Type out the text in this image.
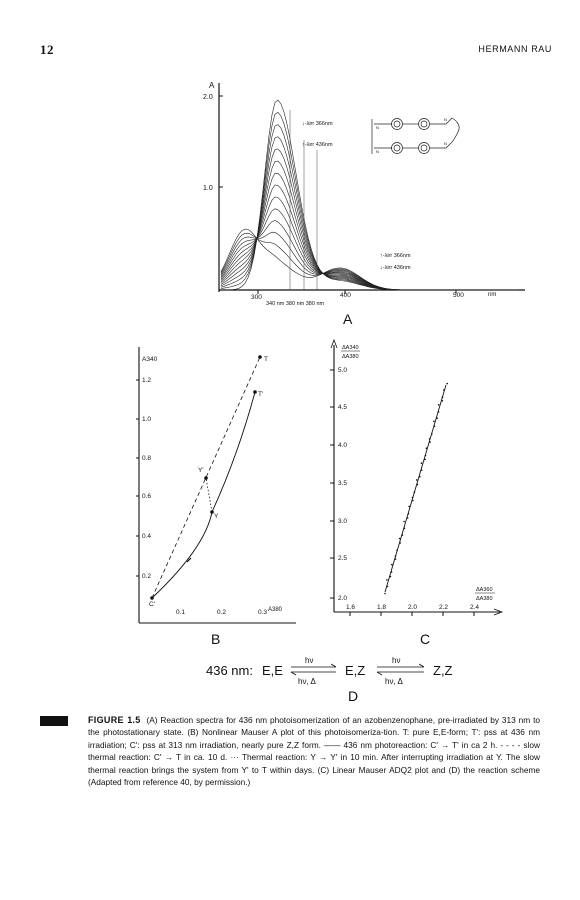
12	HERMANN RAU
A
2.0
1.0
300	400	500	nm
340 nm 380 nm 380 nm
↓-λirr 366nm
↑-λirr 436nm
↑-λirr 366nm
↓-λirr 436nm
N
N
N
N
A
A340
1.2
1.0
0.8
0.6
0.4
0.2
0.1	0.2	0.3 A380
T
T'
Y'
Y
C'
B
ΔA340
ΔA380
5.0
4.5
4.0
3.5
3.0
2.5
2.0
1.6	1.8	2.0	2.2	2.4
ΔA360
ΔA380
C
436 nm: E,E	E,Z	Z,Z
hν
hν, Δ
hν
hν, Δ
D
FIGURE 1.5 (A) Reaction spectra for 436 nm photoisomerization of an azobenzenophane, pre-irradiated by 313 nm to the photostationary state. (B) Nonlinear Mauser A plot of this photoisomeriza-tion. T: pure E,E-form; T': pss at 436 nm irradiation; C': pss at 313 nm irradiation, nearly pure Z,Z form. —— 436 nm photoreaction: C' → T' in ca 2 h. - - - - slow thermal reaction: C' → T in ca. 10 d. ··· Thermal reaction: Y → Y' in 10 min. After interrupting irradiation at Y. The slow thermal reaction brings the system from Y' to T within days. (C) Linear Mauser ADQ2 plot and (D) the reaction scheme (Adapted from reference 40, by permission.)
